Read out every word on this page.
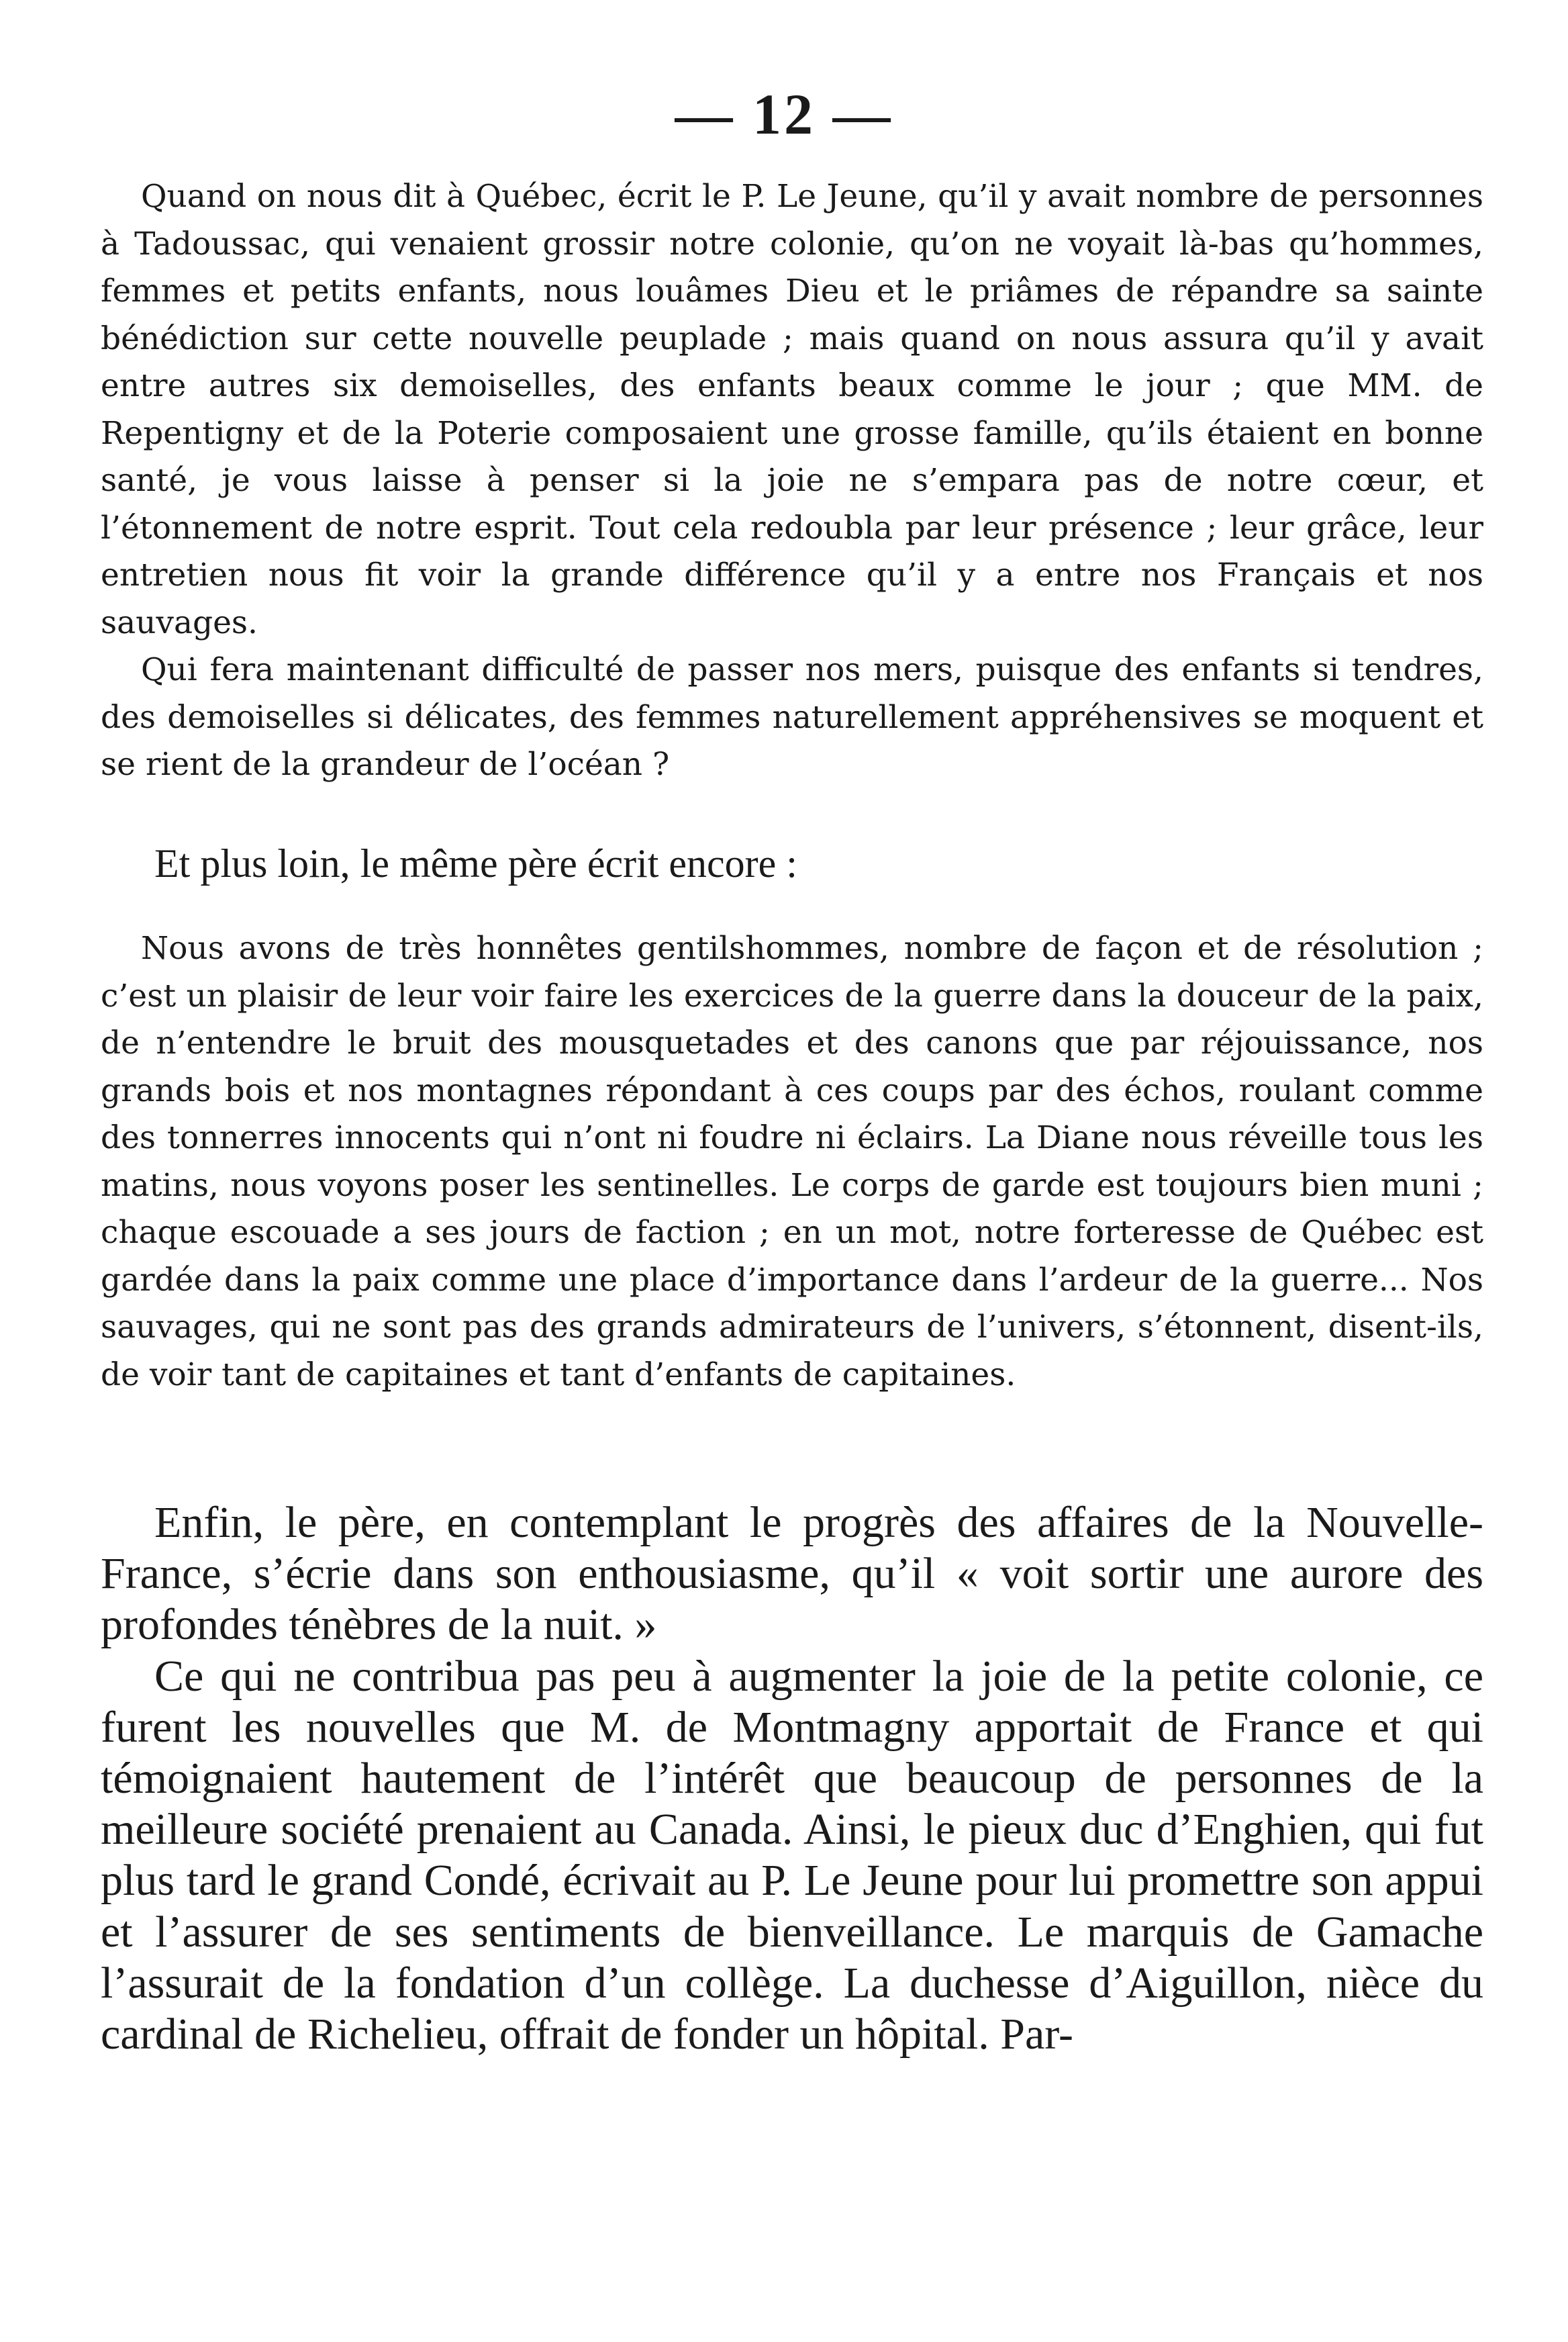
— 12 —

Quand on nous dit à Québec, écrit le P. Le Jeune, qu’il y avait nombre de personnes à Tadoussac, qui venaient grossir notre colonie, qu’on ne voyait là-bas qu’hommes, femmes et petits enfants, nous louâmes Dieu et le priâmes de répandre sa sainte bénédiction sur cette nouvelle peuplade ; mais quand on nous assura qu’il y avait entre autres six demoiselles, des enfants beaux comme le jour ; que MM. de Repentigny et de la Poterie composaient une grosse famille, qu’ils étaient en bonne santé, je vous laisse à penser si la joie ne s’empara pas de notre cœur, et l’étonnement de notre esprit. Tout cela redoubla par leur présence ; leur grâce, leur entretien nous fit voir la grande différence qu’il y a entre nos Français et nos sauvages.

Qui fera maintenant difficulté de passer nos mers, puisque des enfants si tendres, des demoiselles si délicates, des femmes naturellement appréhensives se moquent et se rient de la grandeur de l’océan ?

Et plus loin, le même père écrit encore :

Nous avons de très honnêtes gentilshommes, nombre de façon et de résolution ; c’est un plaisir de leur voir faire les exercices de la guerre dans la douceur de la paix, de n’entendre le bruit des mousquetades et des canons que par réjouissance, nos grands bois et nos montagnes répondant à ces coups par des échos, roulant comme des tonnerres innocents qui n’ont ni foudre ni éclairs. La Diane nous réveille tous les matins, nous voyons poser les sentinelles. Le corps de garde est toujours bien muni ; chaque escouade a ses jours de faction ; en un mot, notre forteresse de Québec est gardée dans la paix comme une place d’importance dans l’ardeur de la guerre... Nos sauvages, qui ne sont pas des grands admirateurs de l’univers, s’étonnent, disent-ils, de voir tant de capitaines et tant d’enfants de capitaines.

Enfin, le père, en contemplant le progrès des affaires de la Nouvelle-France, s’écrie dans son enthousiasme, qu’il « voit sortir une aurore des profondes ténèbres de la nuit. »

Ce qui ne contribua pas peu à augmenter la joie de la petite colonie, ce furent les nouvelles que M. de Montmagny apportait de France et qui témoignaient hautement de l’intérêt que beaucoup de personnes de la meilleure société prenaient au Canada. Ainsi, le pieux duc d’Enghien, qui fut plus tard le grand Condé, écrivait au P. Le Jeune pour lui promettre son appui et l’assurer de ses sentiments de bienveillance. Le marquis de Gamache l’assurait de la fondation d’un collège. La duchesse d’Aiguillon, nièce du cardinal de Richelieu, offrait de fonder un hôpital. Par-
